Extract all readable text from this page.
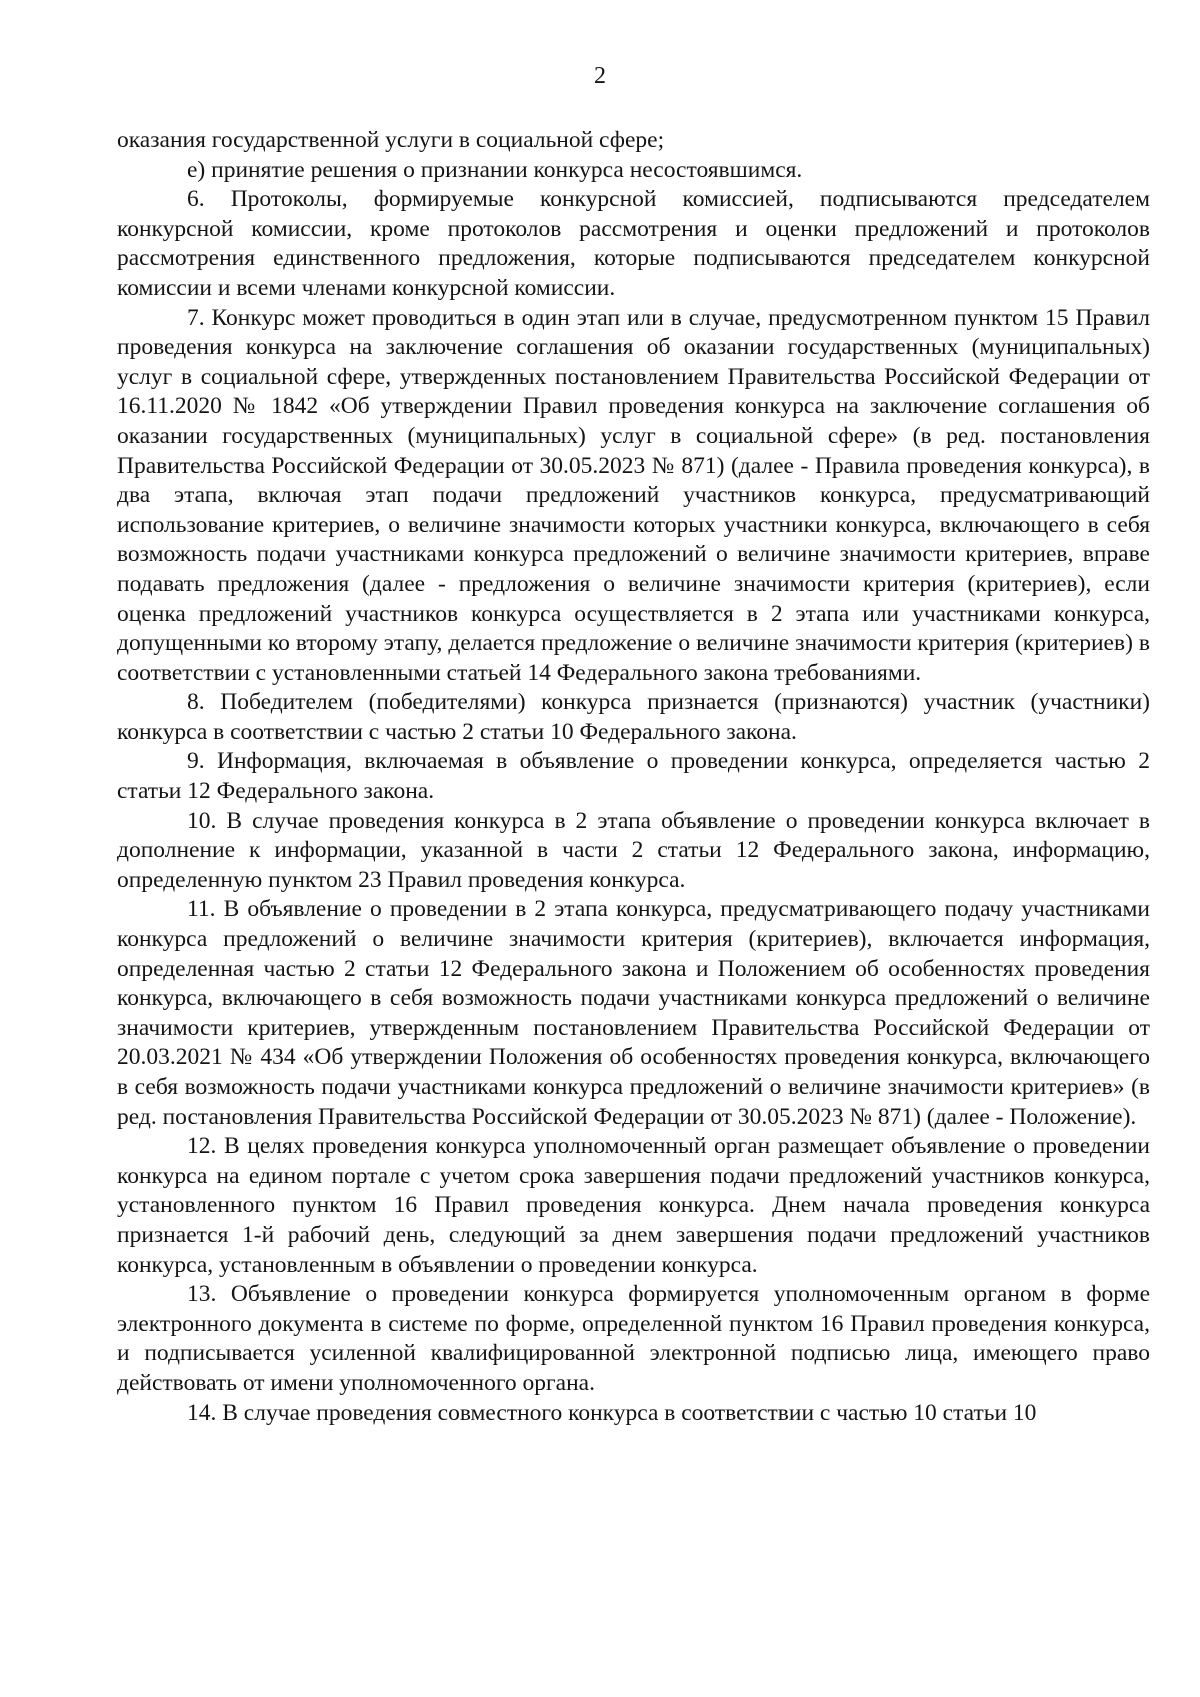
2

оказания государственной услуги в социальной сфере;

е) принятие решения о признании конкурса несостоявшимся.

6. Протоколы, формируемые конкурсной комиссией, подписываются председателем конкурсной комиссии, кроме протоколов рассмотрения и оценки предложений и протоколов рассмотрения единственного предложения, которые подписываются председателем конкурсной комиссии и всеми членами конкурсной комиссии.

7. Конкурс может проводиться в один этап или в случае, предусмотренном пунктом 15 Правил проведения конкурса на заключение соглашения об оказании государственных (муниципальных) услуг в социальной сфере, утвержденных постановлением Правительства Российской Федерации от 16.11.2020 № 1842 «Об утверждении Правил проведения конкурса на заключение соглашения об оказании государственных (муниципальных) услуг в социальной сфере» (в ред. постановления Правительства Российской Федерации от 30.05.2023 № 871) (далее - Правила проведения конкурса), в два этапа, включая этап подачи предложений участников конкурса, предусматривающий использование критериев, о величине значимости которых участники конкурса, включающего в себя возможность подачи участниками конкурса предложений о величине значимости критериев, вправе подавать предложения (далее - предложения о величине значимости критерия (критериев), если оценка предложений участников конкурса осуществляется в 2 этапа или участниками конкурса, допущенными ко второму этапу, делается предложение о величине значимости критерия (критериев) в соответствии с установленными статьей 14 Федерального закона требованиями.

8. Победителем (победителями) конкурса признается (признаются) участник (участники) конкурса в соответствии с частью 2 статьи 10 Федерального закона.

9. Информация, включаемая в объявление о проведении конкурса, определяется частью 2 статьи 12 Федерального закона.

10. В случае проведения конкурса в 2 этапа объявление о проведении конкурса включает в дополнение к информации, указанной в части 2 статьи 12 Федерального закона, информацию, определенную пунктом 23 Правил проведения конкурса.

11. В объявление о проведении в 2 этапа конкурса, предусматривающего подачу участниками конкурса предложений о величине значимости критерия (критериев), включается информация, определенная частью 2 статьи 12 Федерального закона и Положением об особенностях проведения конкурса, включающего в себя возможность подачи участниками конкурса предложений о величине значимости критериев, утвержденным постановлением Правительства Российской Федерации от 20.03.2021 № 434 «Об утверждении Положения об особенностях проведения конкурса, включающего в себя возможность подачи участниками конкурса предложений о величине значимости критериев» (в ред. постановления Правительства Российской Федерации от 30.05.2023 № 871) (далее - Положение).

12. В целях проведения конкурса уполномоченный орган размещает объявление о проведении конкурса на едином портале с учетом срока завершения подачи предложений участников конкурса, установленного пунктом 16 Правил проведения конкурса. Днем начала проведения конкурса признается 1-й рабочий день, следующий за днем завершения подачи предложений участников конкурса, установленным в объявлении о проведении конкурса.

13. Объявление о проведении конкурса формируется уполномоченным органом в форме электронного документа в системе по форме, определенной пунктом 16 Правил проведения конкурса, и подписывается усиленной квалифицированной электронной подписью лица, имеющего право действовать от имени уполномоченного органа.

14. В случае проведения совместного конкурса в соответствии с частью 10 статьи 10
